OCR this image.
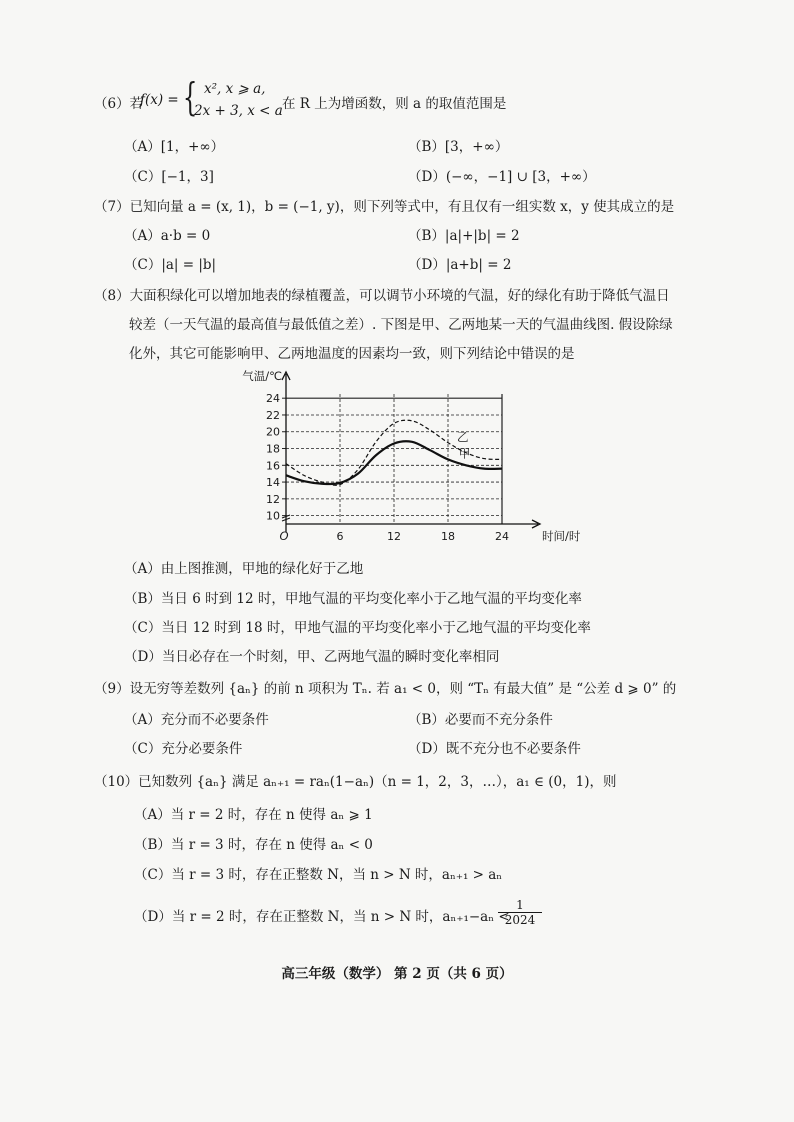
（6）若
f(x) = { x², x ⩾ a,
2x + 3, x < a 在 R 上为增函数，则 a 的取值范围是
（A）[1，+∞）	（B）[3，+∞）
（C）[−1，3]	（D）(−∞，−1] ∪ [3，+∞）
（7）已知向量 a = (x, 1)，b = (−1, y)，则下列等式中，有且仅有一组实数 x，y 使其成立的是
（A）a·b = 0	（B）|a|+|b| = 2
（C）|a| = |b|	（D）|a+b| = 2
（8）大面积绿化可以增加地表的绿植覆盖，可以调节小环境的气温，好的绿化有助于降低气温日
较差（一天气温的最高值与最低值之差）. 下图是甲、乙两地某一天的气温曲线图. 假设除绿
化外，其它可能影响甲、乙两地温度的因素均一致，则下列结论中错误的是
10
12
14
16
18
20
22
24
6	12	18	24
气温/℃
时间/时
O
甲
乙
（A）由上图推测，甲地的绿化好于乙地
（B）当日 6 时到 12 时，甲地气温的平均变化率小于乙地气温的平均变化率
（C）当日 12 时到 18 时，甲地气温的平均变化率小于乙地气温的平均变化率
（D）当日必存在一个时刻，甲、乙两地气温的瞬时变化率相同
（9）设无穷等差数列 {aₙ} 的前 n 项积为 Tₙ. 若 a₁ < 0，则 “Tₙ 有最大值” 是 “公差 d ⩾ 0” 的
（A）充分而不必要条件	（B）必要而不充分条件
（C）充分必要条件	（D）既不充分也不必要条件
（10）已知数列 {aₙ} 满足 aₙ₊₁ = raₙ(1−aₙ)（n = 1，2，3，…），a₁ ∈ (0，1)，则
（A）当 r = 2 时，存在 n 使得 aₙ ⩾ 1
（B）当 r = 3 时，存在 n 使得 aₙ < 0
（C）当 r = 3 时，存在正整数 N，当 n > N 时，aₙ₊₁ > aₙ
（D）当 r = 2 时，存在正整数 N，当 n > N 时，aₙ₊₁−aₙ <
$\frac{1}{2024}$
高三年级（数学） 第 2 页（共 6 页）
